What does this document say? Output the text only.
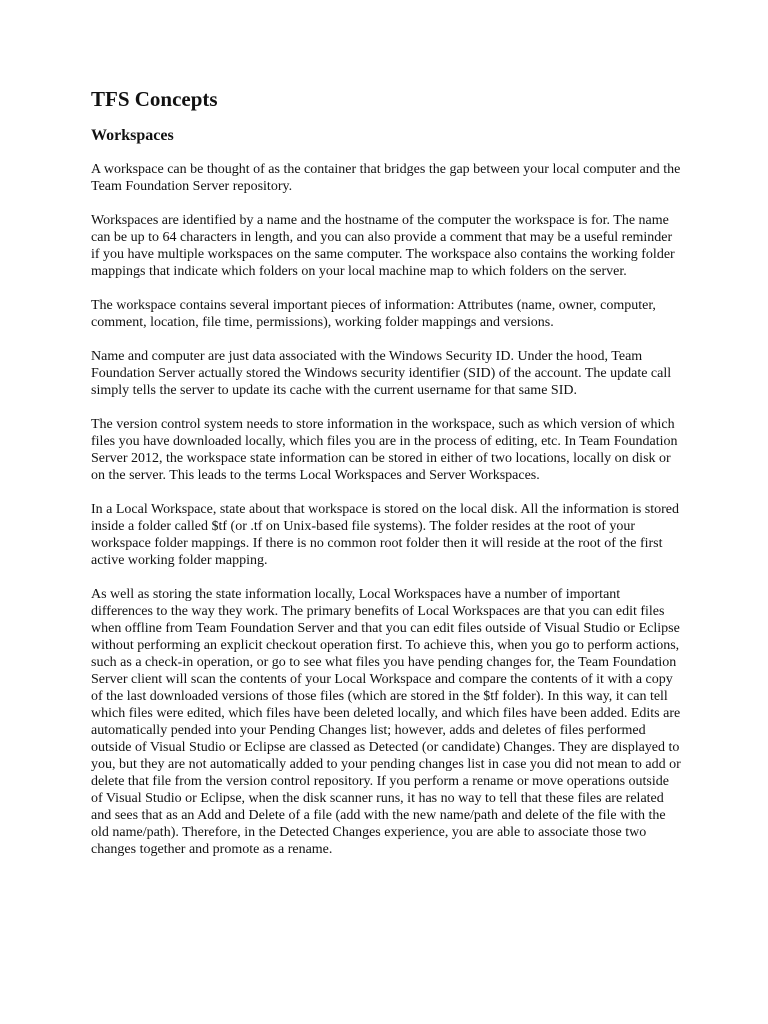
TFS Concepts
Workspaces

A workspace can be thought of as the container that bridges the gap between your local computer and the Team Foundation Server repository.

Workspaces are identified by a name and the hostname of the computer the workspace is for. The name can be up to 64 characters in length, and you can also provide a comment that may be a useful reminder if you have multiple workspaces on the same computer. The workspace also contains the working folder mappings that indicate which folders on your local machine map to which folders on the server.

The workspace contains several important pieces of information: Attributes (name, owner, computer, comment, location, file time, permissions), working folder mappings and versions.

Name and computer are just data associated with the Windows Security ID. Under the hood, Team Foundation Server actually stored the Windows security identifier (SID) of the account. The update call simply tells the server to update its cache with the current username for that same SID.

The version control system needs to store information in the workspace, such as which version of which files you have downloaded locally, which files you are in the process of editing, etc. In Team Foundation Server 2012, the workspace state information can be stored in either of two locations, locally on disk or on the server. This leads to the terms Local Workspaces and Server Workspaces.

In a Local Workspace, state about that workspace is stored on the local disk. All the information is stored inside a folder called $tf (or .tf on Unix-based file systems). The folder resides at the root of your workspace folder mappings. If there is no common root folder then it will reside at the root of the first active working folder mapping.

As well as storing the state information locally, Local Workspaces have a number of important differences to the way they work. The primary benefits of Local Workspaces are that you can edit files when offline from Team Foundation Server and that you can edit files outside of Visual Studio or Eclipse without performing an explicit checkout operation first. To achieve this, when you go to perform actions, such as a check-in operation, or go to see what files you have pending changes for, the Team Foundation Server client will scan the contents of your Local Workspace and compare the contents of it with a copy of the last downloaded versions of those files (which are stored in the $tf folder). In this way, it can tell which files were edited, which files have been deleted locally, and which files have been added. Edits are automatically pended into your Pending Changes list; however, adds and deletes of files performed outside of Visual Studio or Eclipse are classed as Detected (or candidate) Changes. They are displayed to you, but they are not automatically added to your pending changes list in case you did not mean to add or delete that file from the version control repository. If you perform a rename or move operations outside of Visual Studio or Eclipse, when the disk scanner runs, it has no way to tell that these files are related and sees that as an Add and Delete of a file (add with the new name/path and delete of the file with the old name/path). Therefore, in the Detected Changes experience, you are able to associate those two changes together and promote as a rename.
